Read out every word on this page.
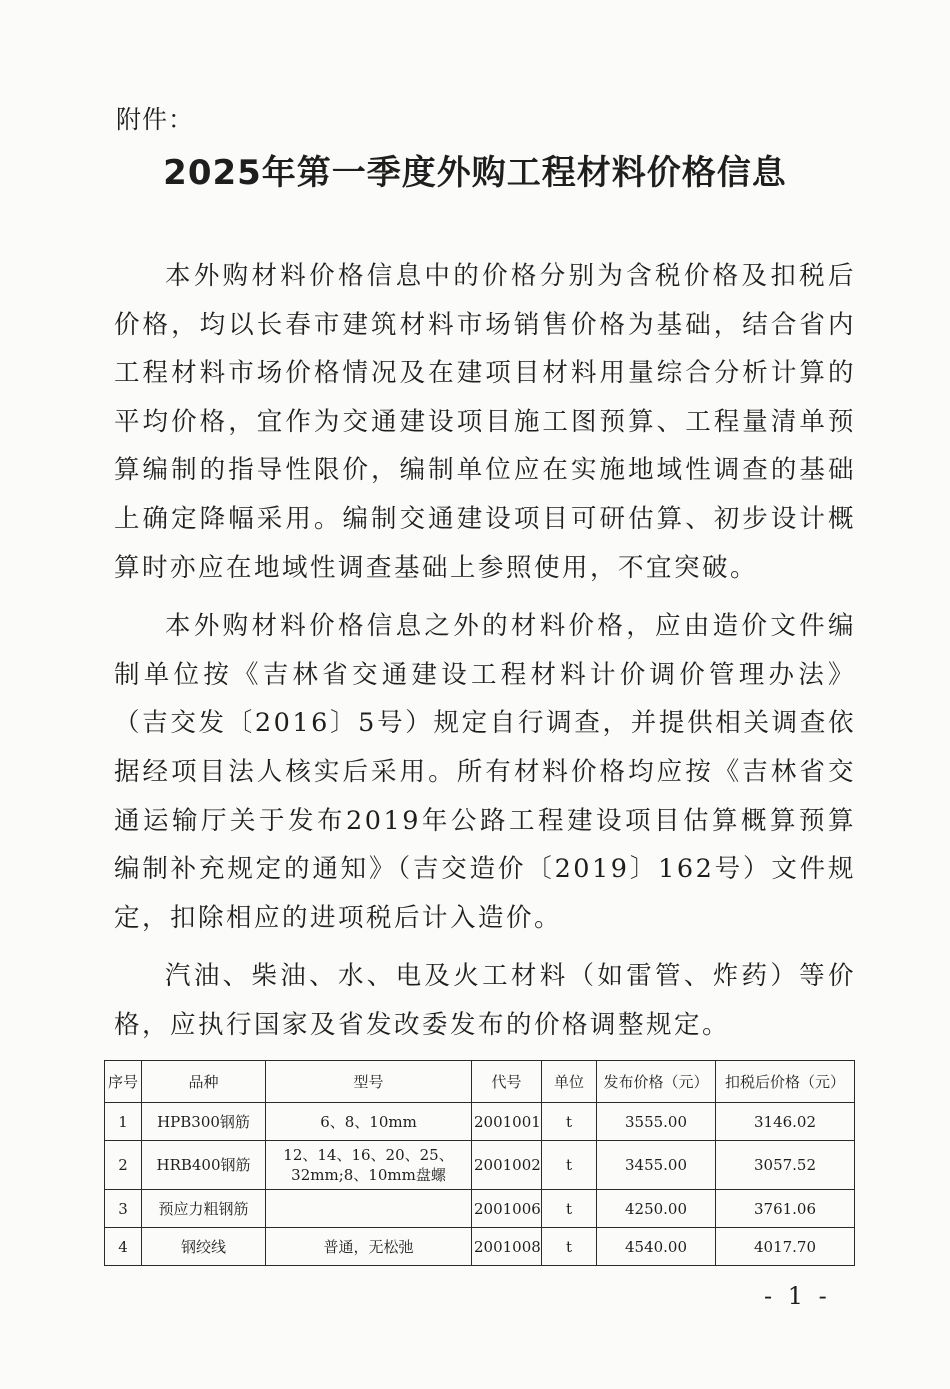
附件：
2025年第一季度外购工程材料价格信息

本外购材料价格信息中的价格分别为含税价格及扣税后价格，均以长春市建筑材料市场销售价格为基础，结合省内工程材料市场价格情况及在建项目材料用量综合分析计算的平均价格，宜作为交通建设项目施工图预算、工程量清单预算编制的指导性限价，编制单位应在实施地域性调查的基础上确定降幅采用。编制交通建设项目可研估算、初步设计概算时亦应在地域性调查基础上参照使用，不宜突破。

本外购材料价格信息之外的材料价格，应由造价文件编制单位按《吉林省交通建设工程材料计价调价管理办法》（吉交发〔2016〕5号）规定自行调查，并提供相关调查依据经项目法人核实后采用。所有材料价格均应按《吉林省交通运输厅关于发布2019年公路工程建设项目估算概算预算编制补充规定的通知》（吉交造价〔2019〕162号）文件规定，扣除相应的进项税后计入造价。

汽油、柴油、水、电及火工材料（如雷管、炸药）等价格，应执行国家及省发改委发布的价格调整规定。

序号	品种	型号	代号	单位	发布价格（元）	扣税后价格（元）
1	HPB300钢筋	6、8、10mm	2001001	t	3555.00	3146.02
2	HRB400钢筋	12、14、16、20、25、32mm;8、10mm盘螺	2001002	t	3455.00	3057.52
3	预应力粗钢筋		2001006	t	4250.00	3761.06
4	钢绞线	普通，无松弛	2001008	t	4540.00	4017.70
- 1 -
